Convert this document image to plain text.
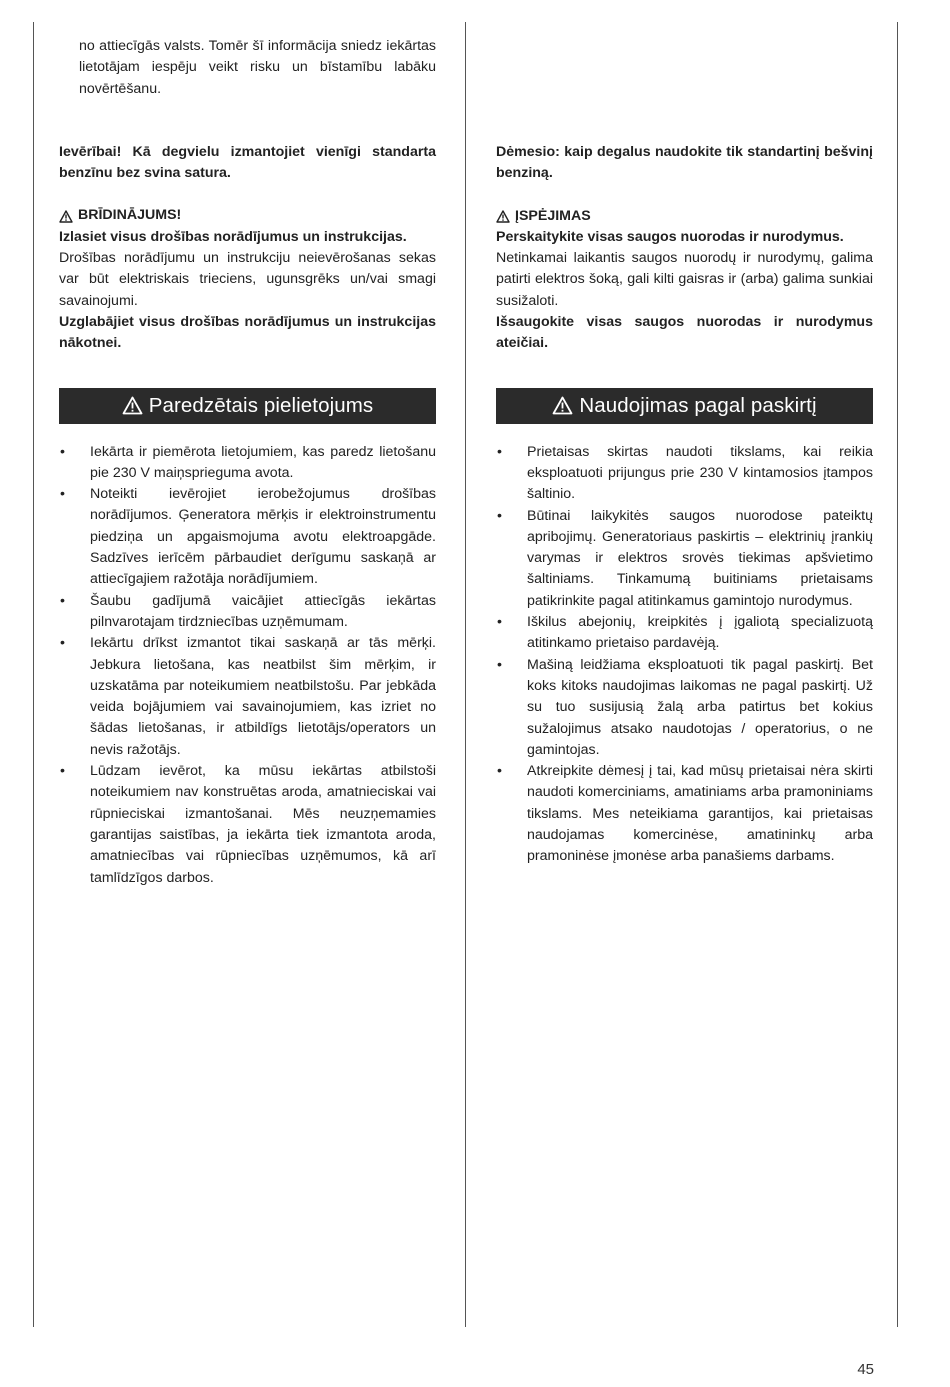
no attiecīgās valsts. Tomēr šī informācija sniedz iekārtas lietotājam iespēju veikt risku un bīstamību labāku novērtēšanu.

Ievērībai! Kā degvielu izmantojiet vienīgi standarta benzīnu bez svina satura.

BRĪDINĀJUMS!

Izlasiet visus drošības norādījumus un instrukcijas.

Drošības norādījumu un instrukciju neievērošanas sekas var būt elektriskais trieciens, ugunsgrēks un/vai smagi savainojumi.

Uzglabājiet visus drošības norādījumus un instrukcijas nākotnei.

Paredzētais pielietojums
• Iekārta ir piemērota lietojumiem, kas paredz lietošanu pie 230 V maiņsprieguma avota.
• Noteikti ievērojiet ierobežojumus drošības norādījumos. Ģeneratora mērķis ir elektroinstrumentu piedziņa un apgaismojuma avotu elektroapgāde. Sadzīves ierīcēm pārbaudiet derīgumu saskaņā ar attiecīgajiem ražotāja norādījumiem.
• Šaubu gadījumā vaicājiet attiecīgās iekārtas pilnvarotajam tirdzniecības uzņēmumam.
• Iekārtu drīkst izmantot tikai saskaņā ar tās mērķi. Jebkura lietošana, kas neatbilst šim mērķim, ir uzskatāma par noteikumiem neatbilstošu. Par jebkāda veida bojājumiem vai savainojumiem, kas izriet no šādas lietošanas, ir atbildīgs lietotājs/operators un nevis ražotājs.
• Lūdzam ievērot, ka mūsu iekārtas atbilstoši noteikumiem nav konstruētas aroda, amatnieciskai vai rūpnieciskai izmantošanai. Mēs neuzņemamies garantijas saistības, ja iekārta tiek izmantota aroda, amatniecības vai rūpniecības uzņēmumos, kā arī tamlīdzīgos darbos.

Dėmesio: kaip degalus naudokite tik standartinį bešvinį benziną.

ĮSPĖJIMAS

Perskaitykite visas saugos nuorodas ir nurodymus.

Netinkamai laikantis saugos nuorodų ir nurodymų, galima patirti elektros šoką, gali kilti gaisras ir (arba) galima sunkiai susižaloti.

Išsaugokite visas saugos nuorodas ir nurodymus ateičiai.

Naudojimas pagal paskirtį
• Prietaisas skirtas naudoti tikslams, kai reikia eksploatuoti prijungus prie 230 V kintamosios įtampos šaltinio.
• Būtinai laikykitės saugos nuorodose pateiktų apribojimų. Generatoriaus paskirtis – elektrinių įrankių varymas ir elektros srovės tiekimas apšvietimo šaltiniams. Tinkamumą buitiniams prietaisams patikrinkite pagal atitinkamus gamintojo nurodymus.
• Iškilus abejonių, kreipkitės į įgaliotą specializuotą atitinkamo prietaiso pardavėją.
• Mašiną leidžiama eksploatuoti tik pagal paskirtį. Bet koks kitoks naudojimas laikomas ne pagal paskirtį. Už su tuo susijusią žalą arba patirtus bet kokius sužalojimus atsako naudotojas / operatorius, o ne gamintojas.
• Atkreipkite dėmesį į tai, kad mūsų prietaisai nėra skirti naudoti komerciniams, amatiniams arba pramoniniams tikslams. Mes neteikiama garantijos, kai prietaisas naudojamas komercinėse, amatininkų arba pramoninėse įmonėse arba panašiems darbams.
45
